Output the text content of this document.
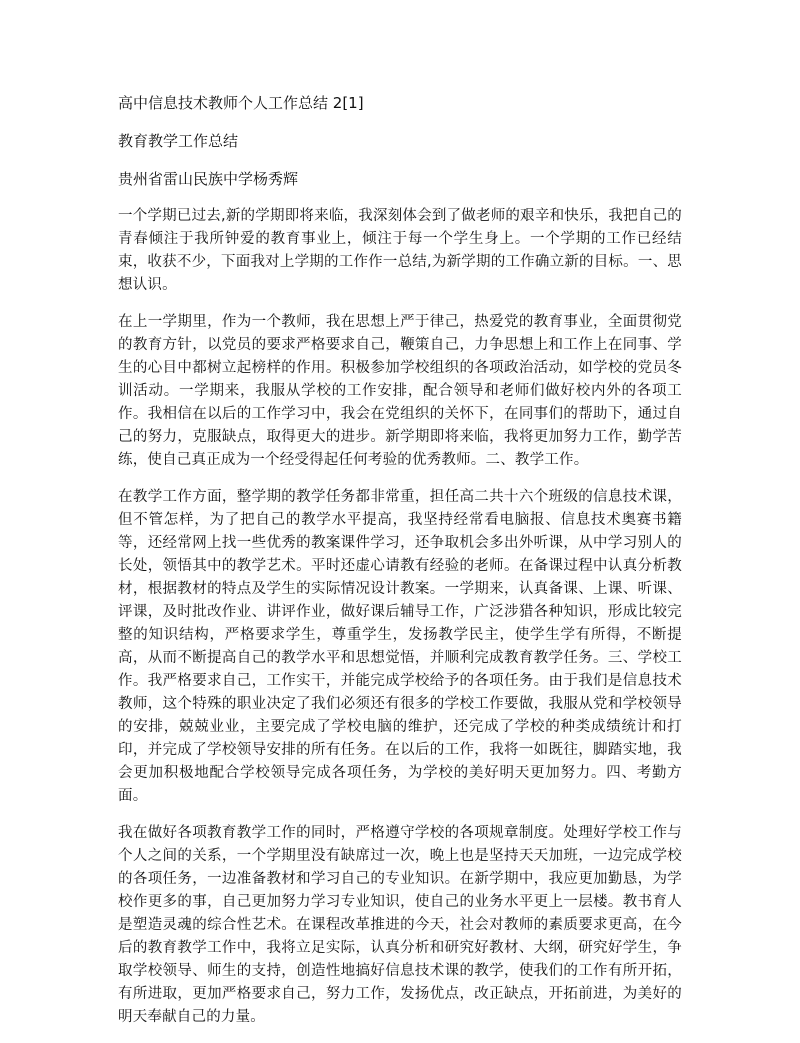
高中信息技术教师个人工作总结 2[1]

教育教学工作总结

贵州省雷山民族中学杨秀辉

一个学期已过去,新的学期即将来临，我深刻体会到了做老师的艰辛和快乐，我把自己的青春倾注于我所钟爱的教育事业上，倾注于每一个学生身上。一个学期的工作已经结束，收获不少，下面我对上学期的工作作一总结,为新学期的工作确立新的目标。一、思想认识。

在上一学期里，作为一个教师，我在思想上严于律己，热爱党的教育事业，全面贯彻党的教育方针，以党员的要求严格要求自己，鞭策自己，力争思想上和工作上在同事、学生的心目中都树立起榜样的作用。积极参加学校组织的各项政治活动，如学校的党员冬训活动。一学期来，我服从学校的工作安排，配合领导和老师们做好校内外的各项工作。我相信在以后的工作学习中，我会在党组织的关怀下，在同事们的帮助下，通过自己的努力，克服缺点，取得更大的进步。新学期即将来临，我将更加努力工作，勤学苦练，使自己真正成为一个经受得起任何考验的优秀教师。二、教学工作。

在教学工作方面，整学期的教学任务都非常重，担任高二共十六个班级的信息技术课，但不管怎样，为了把自己的教学水平提高，我坚持经常看电脑报、信息技术奥赛书籍等，还经常网上找一些优秀的教案课件学习，还争取机会多出外听课，从中学习别人的长处，领悟其中的教学艺术。平时还虚心请教有经验的老师。在备课过程中认真分析教材，根据教材的特点及学生的实际情况设计教案。一学期来，认真备课、上课、听课、评课，及时批改作业、讲评作业，做好课后辅导工作，广泛涉猎各种知识，形成比较完整的知识结构，严格要求学生，尊重学生，发扬教学民主，使学生学有所得，不断提高，从而不断提高自己的教学水平和思想觉悟，并顺利完成教育教学任务。三、学校工作。我严格要求自己，工作实干，并能完成学校给予的各项任务。由于我们是信息技术教师，这个特殊的职业决定了我们必须还有很多的学校工作要做，我服从党和学校领导的安排，兢兢业业，主要完成了学校电脑的维护，还完成了学校的种类成绩统计和打印，并完成了学校领导安排的所有任务。在以后的工作，我将一如既往，脚踏实地，我会更加积极地配合学校领导完成各项任务，为学校的美好明天更加努力。四、考勤方面。

我在做好各项教育教学工作的同时，严格遵守学校的各项规章制度。处理好学校工作与个人之间的关系，一个学期里没有缺席过一次，晚上也是坚持天天加班，一边完成学校的各项任务，一边准备教材和学习自己的专业知识。在新学期中，我应更加勤恳，为学校作更多的事，自己更加努力学习专业知识，使自己的业务水平更上一层楼。教书育人是塑造灵魂的综合性艺术。在课程改革推进的今天，社会对教师的素质要求更高，在今后的教育教学工作中，我将立足实际，认真分析和研究好教材、大纲，研究好学生，争取学校领导、师生的支持，创造性地搞好信息技术课的教学，使我们的工作有所开拓，有所进取，更加严格要求自己，努力工作，发扬优点，改正缺点，开拓前进，为美好的明天奉献自己的力量。
